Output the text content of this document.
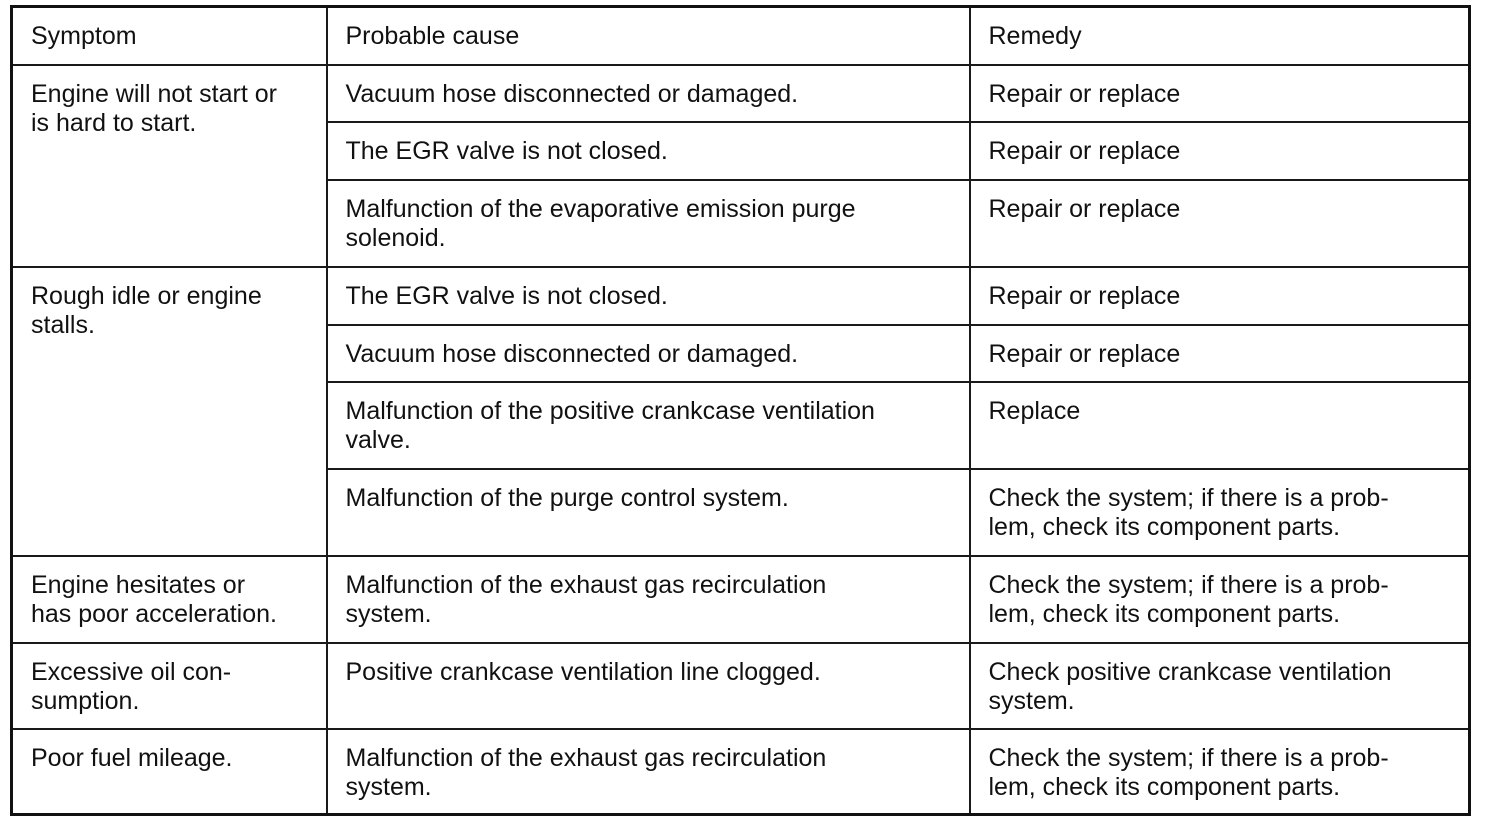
Symptom	Probable cause	Remedy

Engine will not start or
is hard to start.	Vacuum hose disconnected or damaged.	Repair or replace

	The EGR valve is not closed.	Repair or replace

	Malfunction of the evaporative emission purge
solenoid.	Repair or replace

Rough idle or engine
stalls.	The EGR valve is not closed.	Repair or replace

	Vacuum hose disconnected or damaged.	Repair or replace

	Malfunction of the positive crankcase ventilation
valve.	Replace

	Malfunction of the purge control system.	Check the system; if there is a prob-
lem, check its component parts.

Engine hesitates or
has poor acceleration.	Malfunction of the exhaust gas recirculation
system.	Check the system; if there is a prob-
lem, check its component parts.

Excessive oil con-
sumption.	Positive crankcase ventilation line clogged.	Check positive crankcase ventilation
system.

Poor fuel mileage.	Malfunction of the exhaust gas recirculation
system.	Check the system; if there is a prob-
lem, check its component parts.
